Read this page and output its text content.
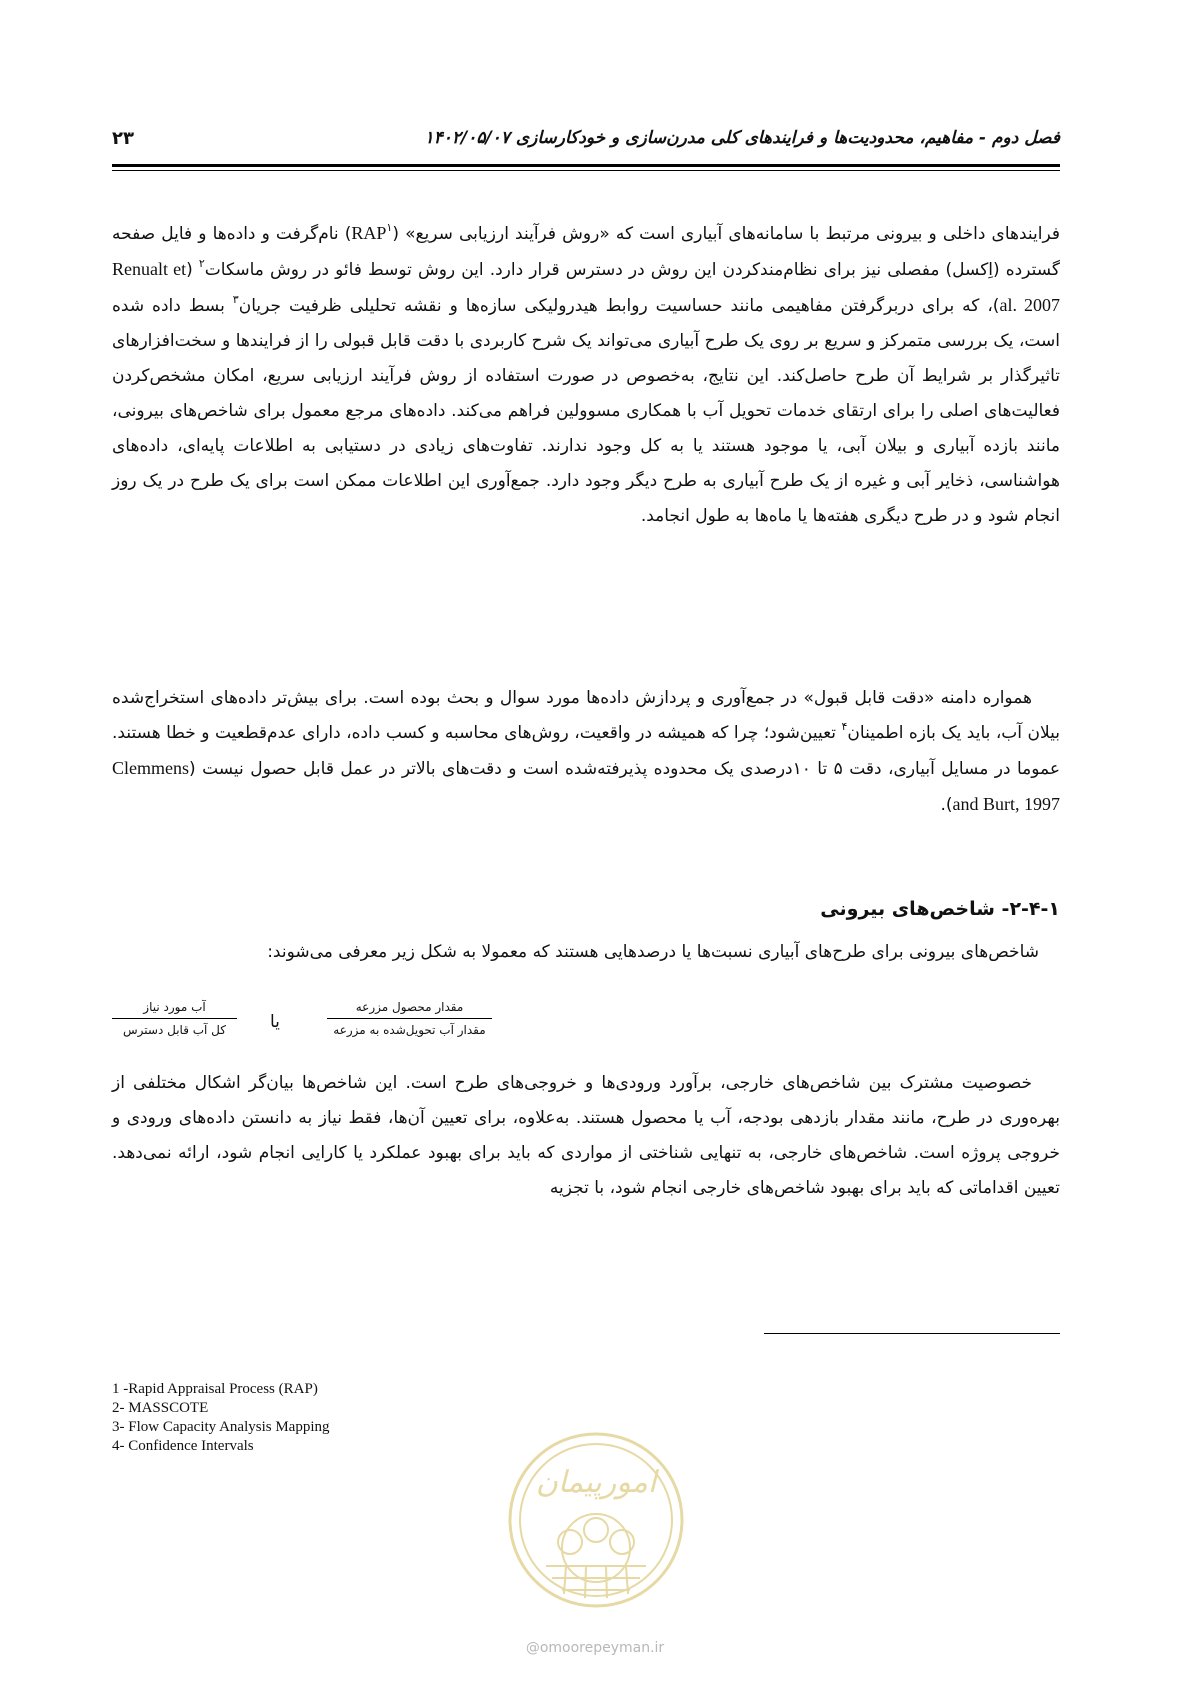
فصل دوم - مفاهیم، محدودیت‌ها و فرایندهای کلی مدرن‌سازی و خودکارسازی ۱۴۰۲/۰۵/۰۷
۲۳
فرایندهای داخلی و بیرونی مرتبط با سامانه‌های آبیاری است که «روش فرآیند ارزیابی سریع» (RAP$^۱$) نام‌گرفت و داده‌ها و فایل صفحه گسترده (اِکسل) مفصلی نیز برای نظام‌مندکردن این روش در دسترس قرار دارد. این روش توسط فائو در روش ماسکات$^۲$ (Renualt et al. 2007)، که برای دربرگرفتن مفاهیمی مانند حساسیت روابط هیدرولیکی سازه‌ها و نقشه تحلیلی ظرفیت جریان$^۳$ بسط داده شده است، یک بررسی متمرکز و سریع بر روی یک طرح آبیاری می‌تواند یک شرح کاربردی با دقت قابل قبولی را از فرایندها و سخت‌افزارهای تاثیرگذار بر شرایط آن طرح حاصل‌کند. این نتایج، به‌خصوص در صورت استفاده از روش فرآیند ارزیابی سریع، امکان مشخص‌کردن فعالیت‌های اصلی را برای ارتقای خدمات تحویل آب با همکاری مسوولین فراهم می‌کند. داده‌های مرجع معمول برای شاخص‌های بیرونی، مانند بازده آبیاری و بیلان آبی، یا موجود هستند یا به کل وجود ندارند. تفاوت‌های زیادی در دستیابی به اطلاعات پایه‌ای، داده‌های هواشناسی، ذخایر آبی و غیره از یک طرح آبیاری به طرح دیگر وجود دارد. جمع‌آوری این اطلاعات ممکن است برای یک طرح در یک روز انجام شود و در طرح دیگری هفته‌ها یا ماه‌ها به طول انجامد.
همواره دامنه «دقت قابل قبول» در جمع‌آوری و پردازش داده‌ها مورد سوال و بحث بوده است. برای بیش‌تر داده‌های استخراج‌شده بیلان آب، باید یک بازه اطمینان$^۴$ تعیین‌شود؛ چرا که همیشه در واقعیت، روش‌های محاسبه و کسب داده، دارای عدم‌قطعیت و خطا هستند. عموما در مسایل آبیاری، دقت ۵ تا ۱۰درصدی یک محدوده پذیرفته‌شده است و دقت‌های بالاتر در عمل قابل حصول نیست (Clemmens and Burt, 1997).
۲-۴-۱- شاخص‌های بیرونی
شاخص‌های بیرونی برای طرح‌های آبیاری نسبت‌ها یا درصدهایی هستند که معمولا به شکل زیر معرفی می‌شوند:
مقدار محصول مزرعه
مقدار آب تحویل‌شده به مزرعه
یا
آب مورد نیاز
کل آب قابل دسترس
خصوصیت مشترک بین شاخص‌های خارجی، برآورد ورودی‌ها و خروجی‌های طرح است. این شاخص‌ها بیان‌گر اشکال مختلفی از بهره‌وری در طرح، مانند مقدار بازدهی بودجه، آب یا محصول هستند. به‌علاوه، برای تعیین آن‌ها، فقط نیاز به دانستن داده‌های ورودی و خروجی پروژه است. شاخص‌های خارجی، به تنهایی شناختی از مواردی که باید برای بهبود عملکرد یا کارایی انجام شود، ارائه نمی‌دهد. تعیین اقداماتی که باید برای بهبود شاخص‌های خارجی انجام شود، با تجزیه
1 -Rapid Appraisal Process (RAP)
2- MASSCOTE
3- Flow Capacity Analysis Mapping
4- Confidence Intervals
امورپیمان
@omoorepeyman.ir
